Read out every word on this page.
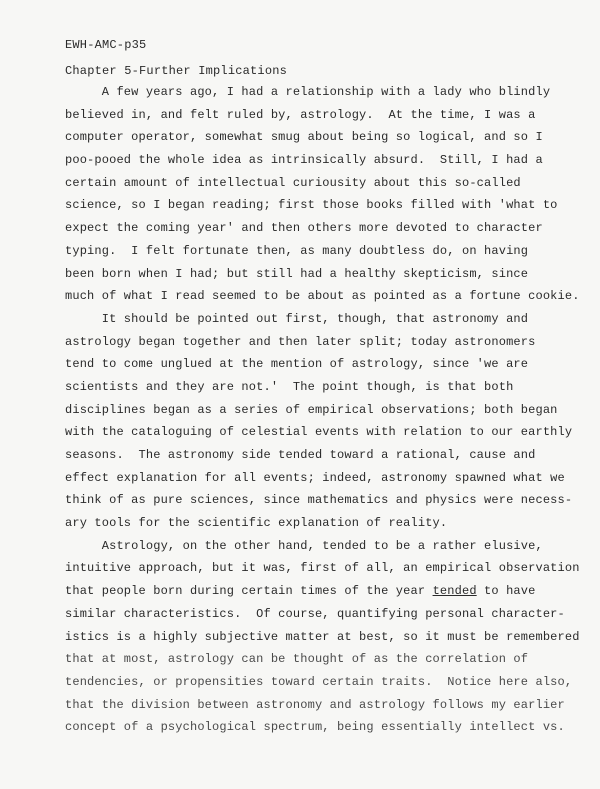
EWH-AMC-p35
Chapter 5-Further Implications
A few years ago, I had a relationship with a lady who blindly
believed in, and felt ruled by, astrology.  At the time, I was a
computer operator, somewhat smug about being so logical, and so I
poo-pooed the whole idea as intrinsically absurd.  Still, I had a
certain amount of intellectual curiousity about this so-called
science, so I began reading; first those books filled with 'what to
expect the coming year' and then others more devoted to character
typing.  I felt fortunate then, as many doubtless do, on having
been born when I had; but still had a healthy skepticism, since
much of what I read seemed to be about as pointed as a fortune cookie.
It should be pointed out first, though, that astronomy and
astrology began together and then later split; today astronomers
tend to come unglued at the mention of astrology, since 'we are
scientists and they are not.'  The point though, is that both
disciplines began as a series of empirical observations; both began
with the cataloguing of celestial events with relation to our earthly
seasons.  The astronomy side tended toward a rational, cause and
effect explanation for all events; indeed, astronomy spawned what we
think of as pure sciences, since mathematics and physics were necess-
ary tools for the scientific explanation of reality.
Astrology, on the other hand, tended to be a rather elusive,
intuitive approach, but it was, first of all, an empirical observation
that people born during certain times of the year tended to have
similar characteristics.  Of course, quantifying personal character-
istics is a highly subjective matter at best, so it must be remembered
that at most, astrology can be thought of as the correlation of
tendencies, or propensities toward certain traits.  Notice here also,
that the division between astronomy and astrology follows my earlier
concept of a psychological spectrum, being essentially intellect vs.
